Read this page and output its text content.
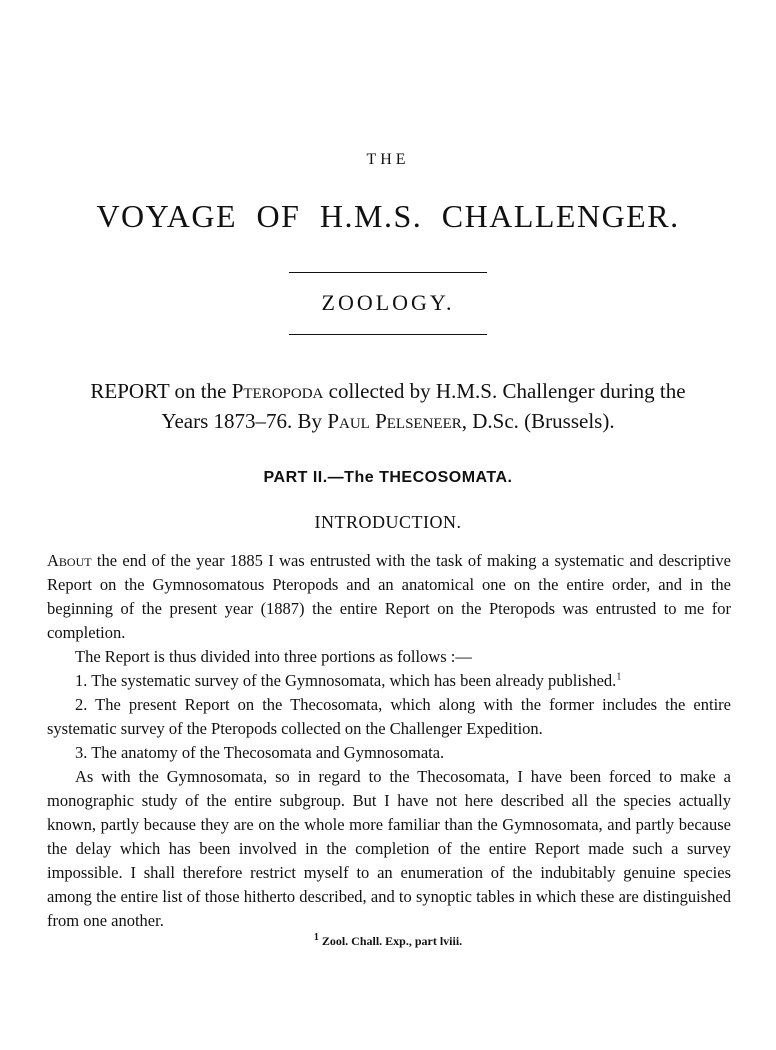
THE
VOYAGE OF H.M.S. CHALLENGER.
ZOOLOGY.
REPORT on the Pteropoda collected by H.M.S. Challenger during the
Years 1873–76. By Paul Pelseneer, D.Sc. (Brussels).
PART II.—The THECOSOMATA.
INTRODUCTION.

About the end of the year 1885 I was entrusted with the task of making a systematic and descriptive Report on the Gymnosomatous Pteropods and an anatomical one on the entire order, and in the beginning of the present year (1887) the entire Report on the Pteropods was entrusted to me for completion.

The Report is thus divided into three portions as follows :—

1. The systematic survey of the Gymnosomata, which has been already published.$^1$

2. The present Report on the Thecosomata, which along with the former includes the entire systematic survey of the Pteropods collected on the Challenger Expedition.

3. The anatomy of the Thecosomata and Gymnosomata.

As with the Gymnosomata, so in regard to the Thecosomata, I have been forced to make a monographic study of the entire subgroup. But I have not here described all the species actually known, partly because they are on the whole more familiar than the Gymnosomata, and partly because the delay which has been involved in the completion of the entire Report made such a survey impossible. I shall therefore restrict myself to an enumeration of the indubitably genuine species among the entire list of those hitherto described, and to synoptic tables in which these are distinguished from one another.

$^1$ Zool. Chall. Exp., part lviii.
